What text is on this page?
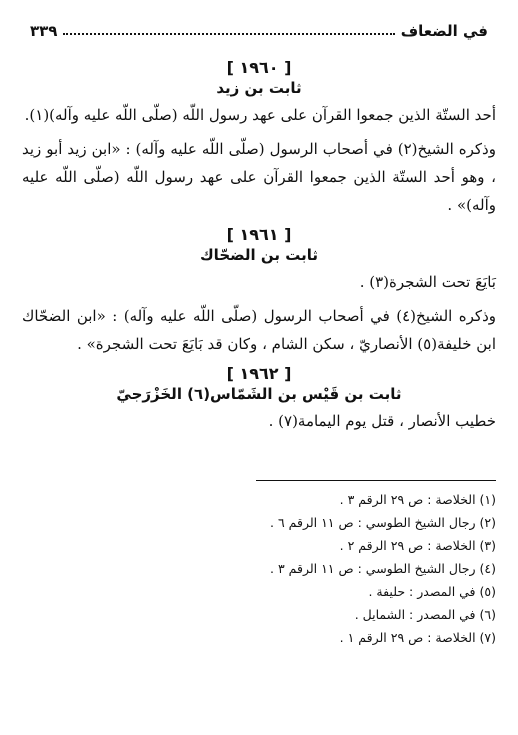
في الضعاف
٣٣٩
[ ١٩٦٠ ]
ثابت بن زيد

أحد الستّة الذين جمعوا القرآن على عهد رسول اللّه (صلّى اللّه عليه وآله)(١).

وذكره الشيخ(٢) في أصحاب الرسول (صلّى اللّه عليه وآله) : «ابن زيد أبو زيد ، وهو أحد الستّة الذين جمعوا القرآن على عهد رسول اللّه (صلّى اللّه عليه وآله)» .

[ ١٩٦١ ]
ثابت بن الضحّاك

بَايَعَ تحت الشجرة(٣) .

وذكره الشيخ(٤) في أصحاب الرسول (صلّى اللّه عليه وآله) : «ابن الضحّاك ابن خليفة(٥) الأنصاريّ ، سكن الشام ، وكان قد بَايَعَ تحت الشجرة» .

[ ١٩٦٢ ]
ثابت بن قَيْس بن الشَمّاس(٦) الخَزْرَجيّ

خطيب الأنصار ، قتل يوم اليمامة(٧) .

(١) الخلاصة : ص ٢٩ الرقم ٣ .
(٢) رجال الشيخ الطوسي : ص ١١ الرقم ٦ .
(٣) الخلاصة : ص ٢٩ الرقم ٢ .
(٤) رجال الشيخ الطوسي : ص ١١ الرقم ٣ .
(٥) في المصدر : حليفة .
(٦) في المصدر : الشمايل .
(٧) الخلاصة : ص ٢٩ الرقم ١ .
